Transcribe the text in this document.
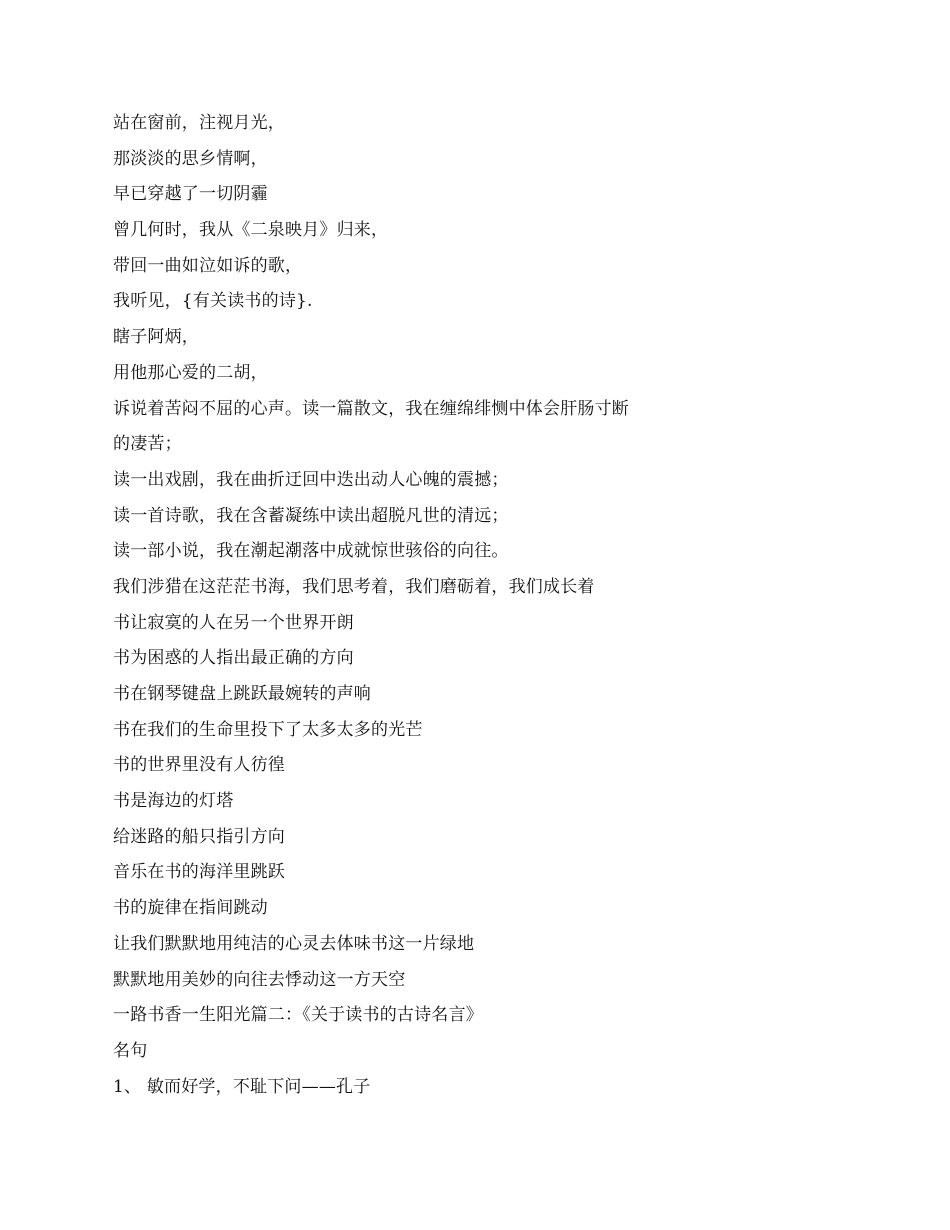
站在窗前，注视月光，
那淡淡的思乡情啊，
早已穿越了一切阴霾
曾几何时，我从《二泉映月》归来，
带回一曲如泣如诉的歌，
我听见，{有关读书的诗}.
瞎子阿炳，
用他那心爱的二胡，
诉说着苦闷不屈的心声。读一篇散文，我在缠绵绯恻中体会肝肠寸断
的凄苦；
读一出戏剧，我在曲折迂回中迭出动人心魄的震撼；
读一首诗歌，我在含蓄凝练中读出超脱凡世的清远；
读一部小说，我在潮起潮落中成就惊世骇俗的向往。
我们涉猎在这茫茫书海，我们思考着，我们磨砺着，我们成长着
书让寂寞的人在另一个世界开朗
书为困惑的人指出最正确的方向
书在钢琴键盘上跳跃最婉转的声响
书在我们的生命里投下了太多太多的光芒
书的世界里没有人彷徨
书是海边的灯塔
给迷路的船只指引方向
音乐在书的海洋里跳跃
书的旋律在指间跳动
让我们默默地用纯洁的心灵去体味书这一片绿地
默默地用美妙的向往去悸动这一方天空
一路书香一生阳光篇二：《关于读书的古诗名言》
名句
1、 敏而好学，不耻下问——孔子
